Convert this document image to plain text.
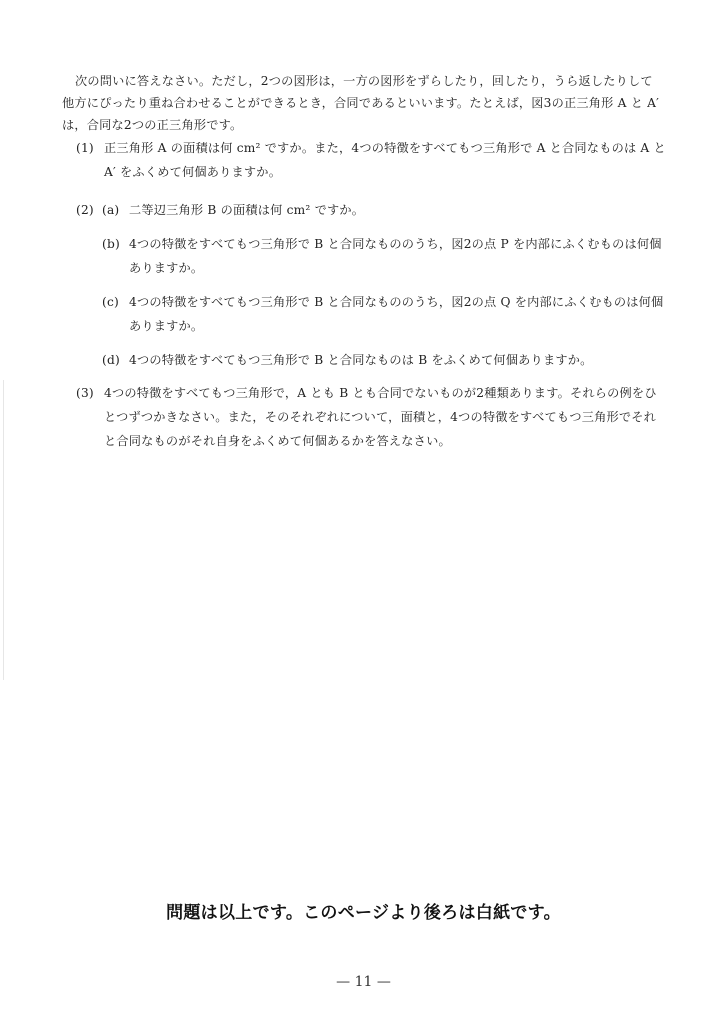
次の問いに答えなさい。ただし，2つの図形は，一方の図形をずらしたり，回したり，うら返したりして他方にぴったり重ね合わせることができるとき，合同であるといいます。たとえば，図3の正三角形 A と A′ は，合同な2つの正三角形です。

(1) 正三角形 A の面積は何 cm² ですか。また，4つの特徴をすべてもつ三角形で A と合同なものは A と A′ をふくめて何個ありますか。
(2) (a) 二等辺三角形 B の面積は何 cm² ですか。
(b) 4つの特徴をすべてもつ三角形で B と合同なもののうち，図2の点 P を内部にふくむものは何個ありますか。
(c) 4つの特徴をすべてもつ三角形で B と合同なもののうち，図2の点 Q を内部にふくむものは何個ありますか。
(d) 4つの特徴をすべてもつ三角形で B と合同なものは B をふくめて何個ありますか。
(3) 4つの特徴をすべてもつ三角形で，A とも B とも合同でないものが2種類あります。それらの例をひとつずつかきなさい。また，そのそれぞれについて，面積と，4つの特徴をすべてもつ三角形でそれと合同なものがそれ自身をふくめて何個あるかを答えなさい。
問題は以上です。このページより後ろは白紙です。
— 11 —
